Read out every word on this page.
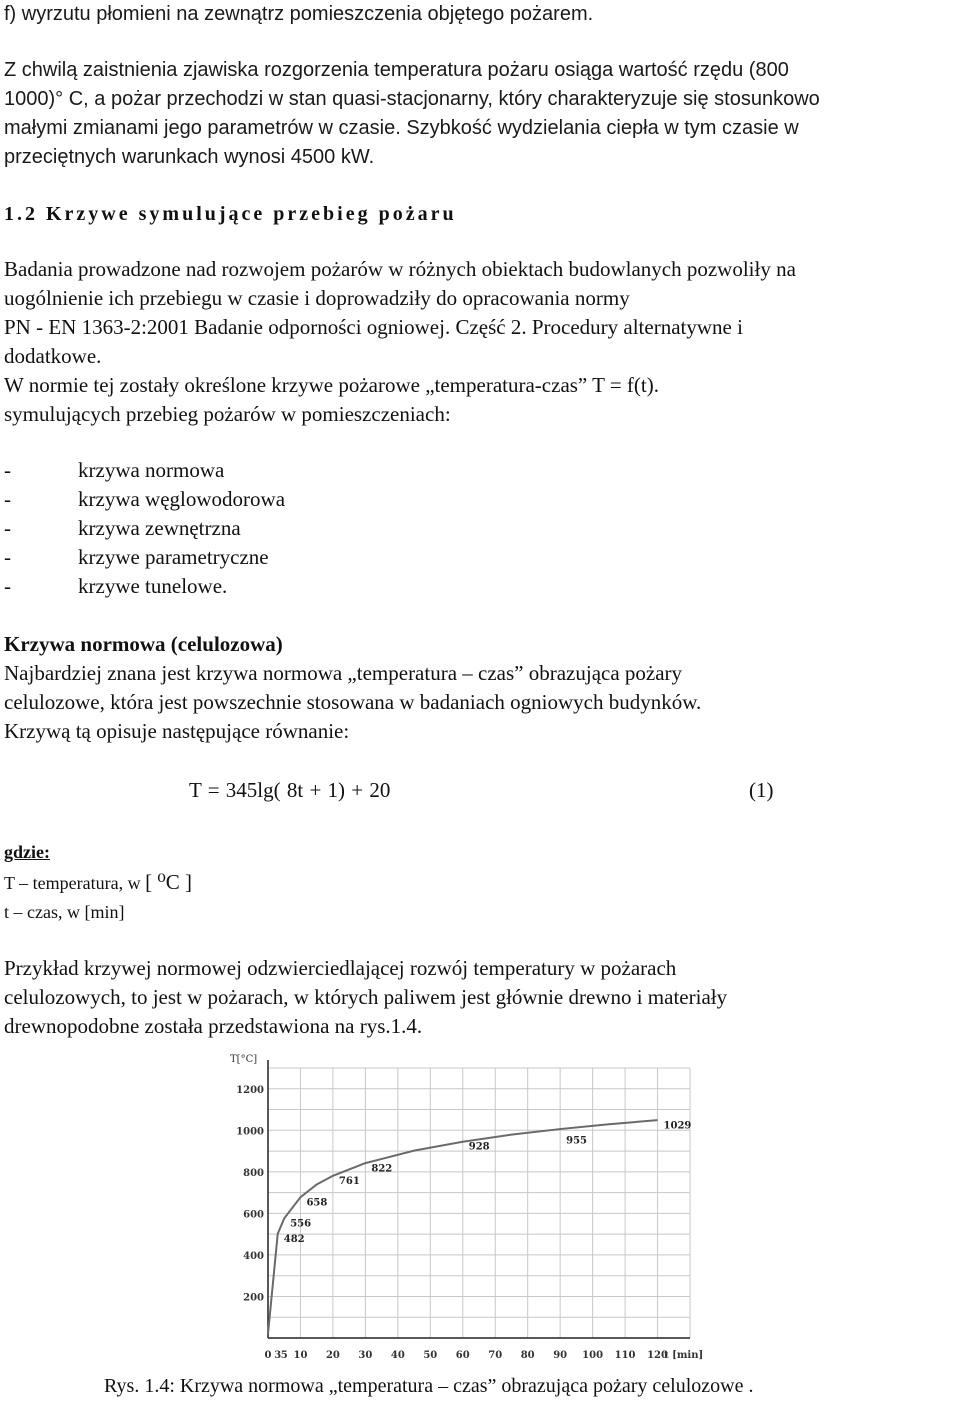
f) wyrzutu płomieni na zewnątrz pomieszczenia objętego pożarem.
Z chwilą zaistnienia zjawiska rozgorzenia temperatura pożaru osiąga wartość rzędu (800
1000)° C, a pożar przechodzi w stan quasi-stacjonarny, który charakteryzuje się stosunkowo
małymi zmianami jego parametrów w czasie. Szybkość wydzielania ciepła w tym czasie w
przeciętnych warunkach wynosi 4500 kW.
1.2 Krzywe symulujące przebieg pożaru
Badania prowadzone nad rozwojem pożarów w różnych obiektach budowlanych pozwoliły na
uogólnienie ich przebiegu w czasie i doprowadziły do opracowania normy
PN - EN 1363-2:2001 Badanie odporności ogniowej. Część 2. Procedury alternatywne i
dodatkowe.
W normie tej zostały określone krzywe pożarowe „temperatura-czas” T = f(t).
symulujących przebieg pożarów w pomieszczeniach:
-	krzywa normowa
-	krzywa węglowodorowa
-	krzywa zewnętrzna
-	krzywe parametryczne
-	krzywe tunelowe.
Krzywa normowa (celulozowa)
Najbardziej znana jest krzywa normowa „temperatura – czas” obrazująca pożary
celulozowe, która jest powszechnie stosowana w badaniach ogniowych budynków.
Krzywą tą opisuje następujące równanie:
T = 345lg( 8t + 1) + 20	(1)
gdzie:
T – temperatura, w [ ⁰C ]
t – czas, w [min]
Przykład krzywej normowej odzwierciedlającej rozwój temperatury w pożarach
celulozowych, to jest w pożarach, w których paliwem jest głównie drewno i materiały
drewnopodobne została przedstawiona na rys.1.4.
Rys. 1.4: Krzywa normowa „temperatura – czas” obrazująca pożary celulozowe .
200
400
600
800
1000
1200
0 3 5 10 20 30 40 50 60 70 80 90 100 110 120
T[°C]
t [min]
482
556
658
761
822
928
955
1029
